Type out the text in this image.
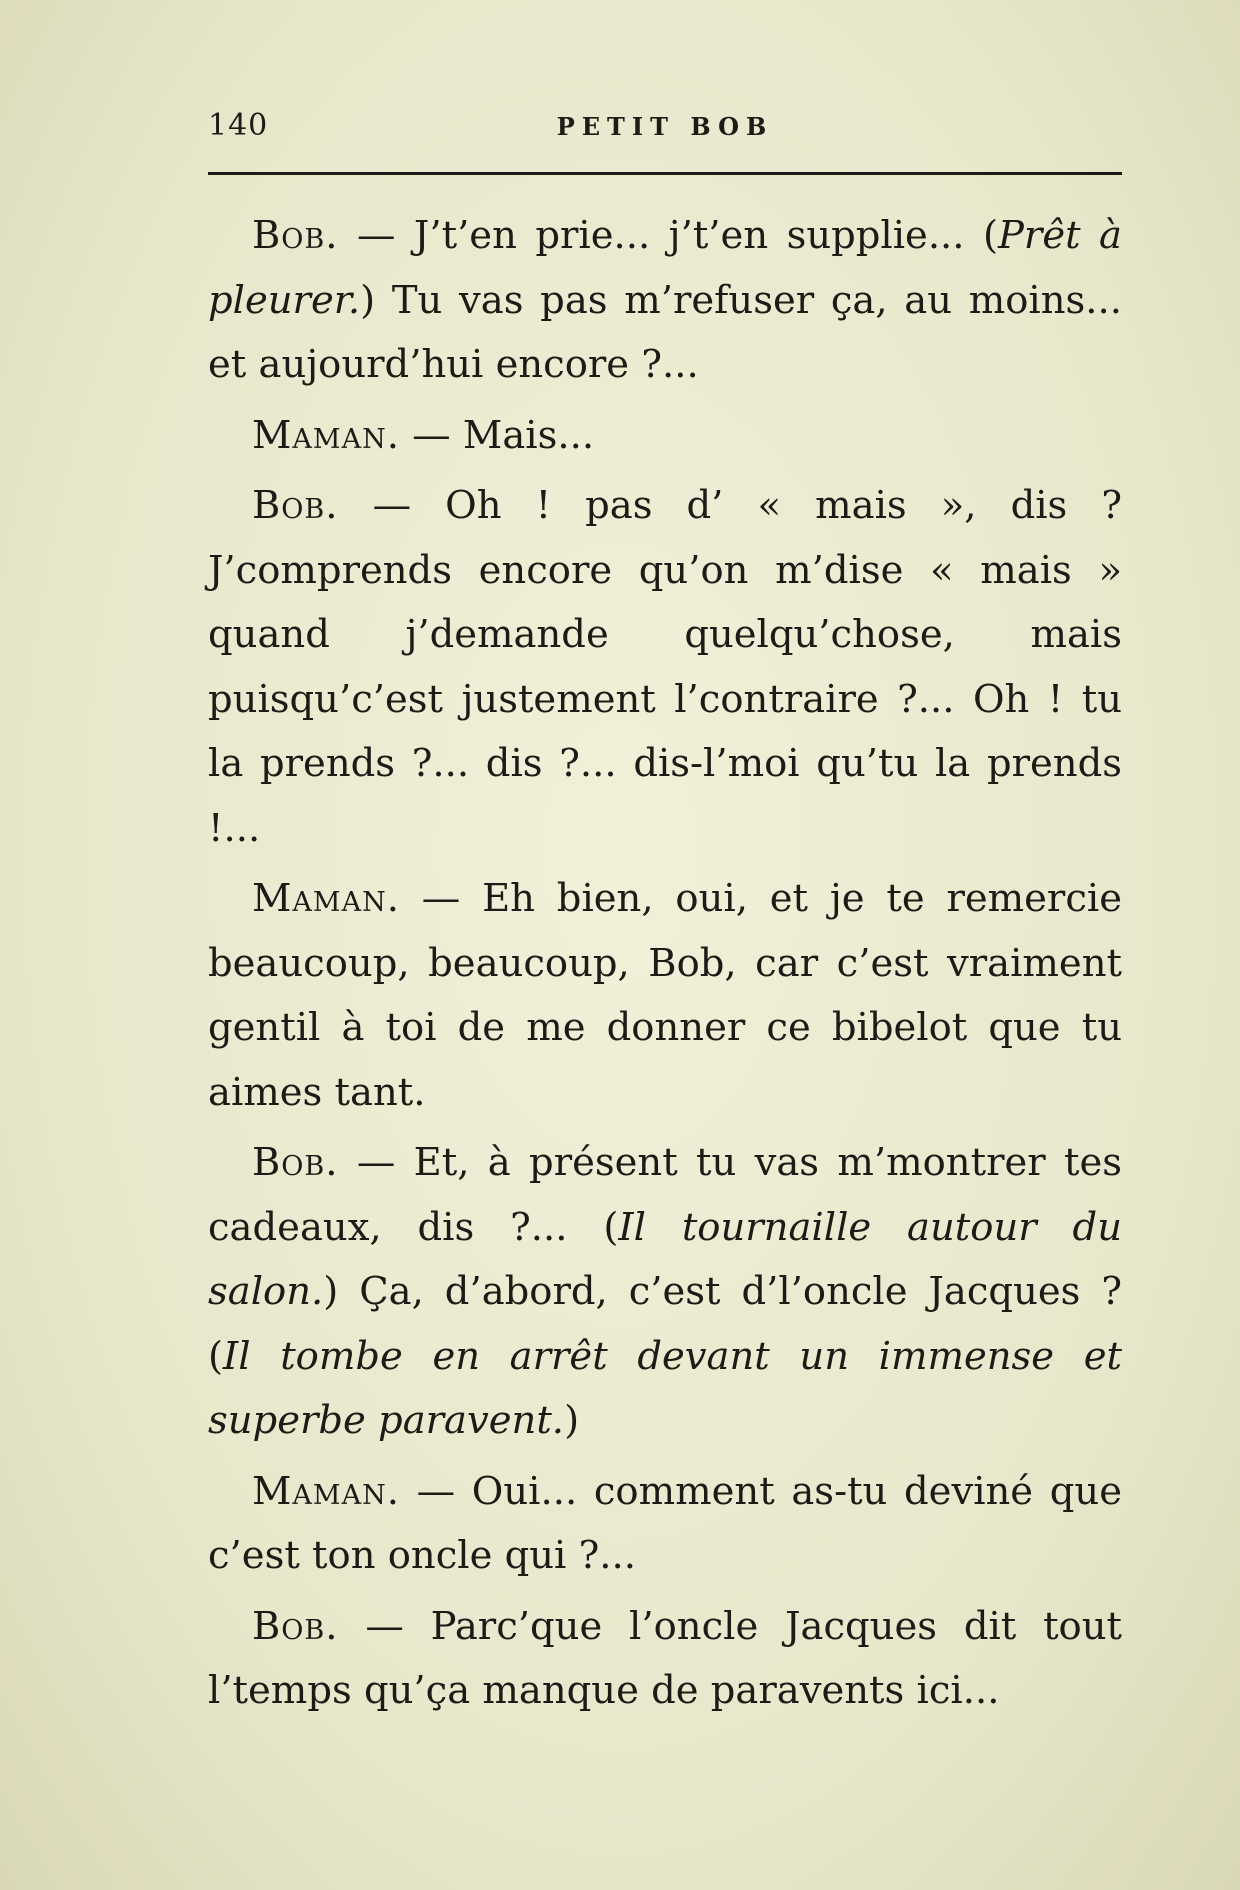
140	PETIT BOB

Bob. — J’t’en prie... j’t’en supplie... (Prêt à pleurer.) Tu vas pas m’refuser ça, au moins... et aujourd’hui encore ?...

Maman. — Mais...

Bob. — Oh ! pas d’ « mais », dis ? J’comprends encore qu’on m’dise « mais » quand j’demande quelqu’chose, mais puisqu’c’est justement l’contraire ?... Oh ! tu la prends ?... dis ?... dis-l’moi qu’tu la prends !...

Maman. — Eh bien, oui, et je te remercie beaucoup, beaucoup, Bob, car c’est vraiment gentil à toi de me donner ce bibelot que tu aimes tant.

Bob. — Et, à présent tu vas m’montrer tes cadeaux, dis ?... (Il tournaille autour du salon.) Ça, d’abord, c’est d’l’oncle Jacques ? (Il tombe en arrêt devant un immense et superbe paravent.)

Maman. — Oui... comment as-tu deviné que c’est ton oncle qui ?...

Bob. — Parc’que l’oncle Jacques dit tout l’temps qu’ça manque de paravents ici...
